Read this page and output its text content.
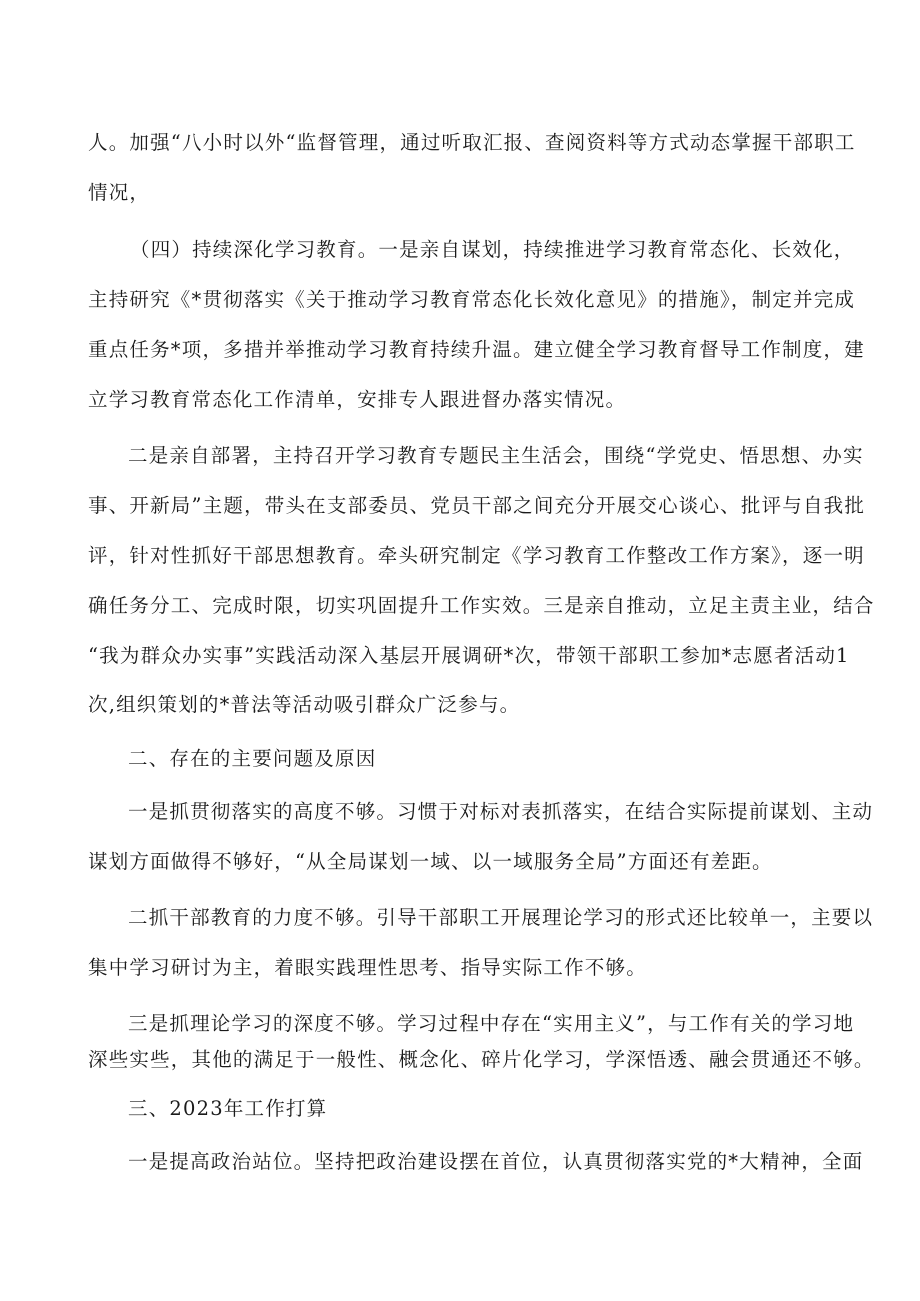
人。加强“八小时以外“监督管理，通过听取汇报、查阅资料等方式动态掌握干部职工
情况，
（四）持续深化学习教育。一是亲自谋划，持续推进学习教育常态化、长效化，
主持研究《*贯彻落实《关于推动学习教育常态化长效化意见》的措施》，制定并完成
重点任务*项，多措并举推动学习教育持续升温。建立健全学习教育督导工作制度，建
立学习教育常态化工作清单，安排专人跟进督办落实情况。
二是亲自部署，主持召开学习教育专题民主生活会，围绕“学党史、悟思想、办实
事、开新局”主题，带头在支部委员、党员干部之间充分开展交心谈心、批评与自我批
评，针对性抓好干部思想教育。牵头研究制定《学习教育工作整改工作方案》，逐一明
确任务分工、完成时限，切实巩固提升工作实效。三是亲自推动，立足主责主业，结合
“我为群众办实事”实践活动深入基层开展调研*次，带领干部职工参加*志愿者活动1
次,组织策划的*普法等活动吸引群众广泛参与。
二、存在的主要问题及原因
一是抓贯彻落实的高度不够。习惯于对标对表抓落实，在结合实际提前谋划、主动
谋划方面做得不够好，“从全局谋划一域、以一域服务全局”方面还有差距。
二抓干部教育的力度不够。引导干部职工开展理论学习的形式还比较单一，主要以
集中学习研讨为主，着眼实践理性思考、指导实际工作不够。
三是抓理论学习的深度不够。学习过程中存在“实用主义”，与工作有关的学习地
深些实些，其他的满足于一般性、概念化、碎片化学习，学深悟透、融会贯通还不够。
三、2023年工作打算
一是提高政治站位。坚持把政治建设摆在首位，认真贯彻落实党的*大精神，全面
